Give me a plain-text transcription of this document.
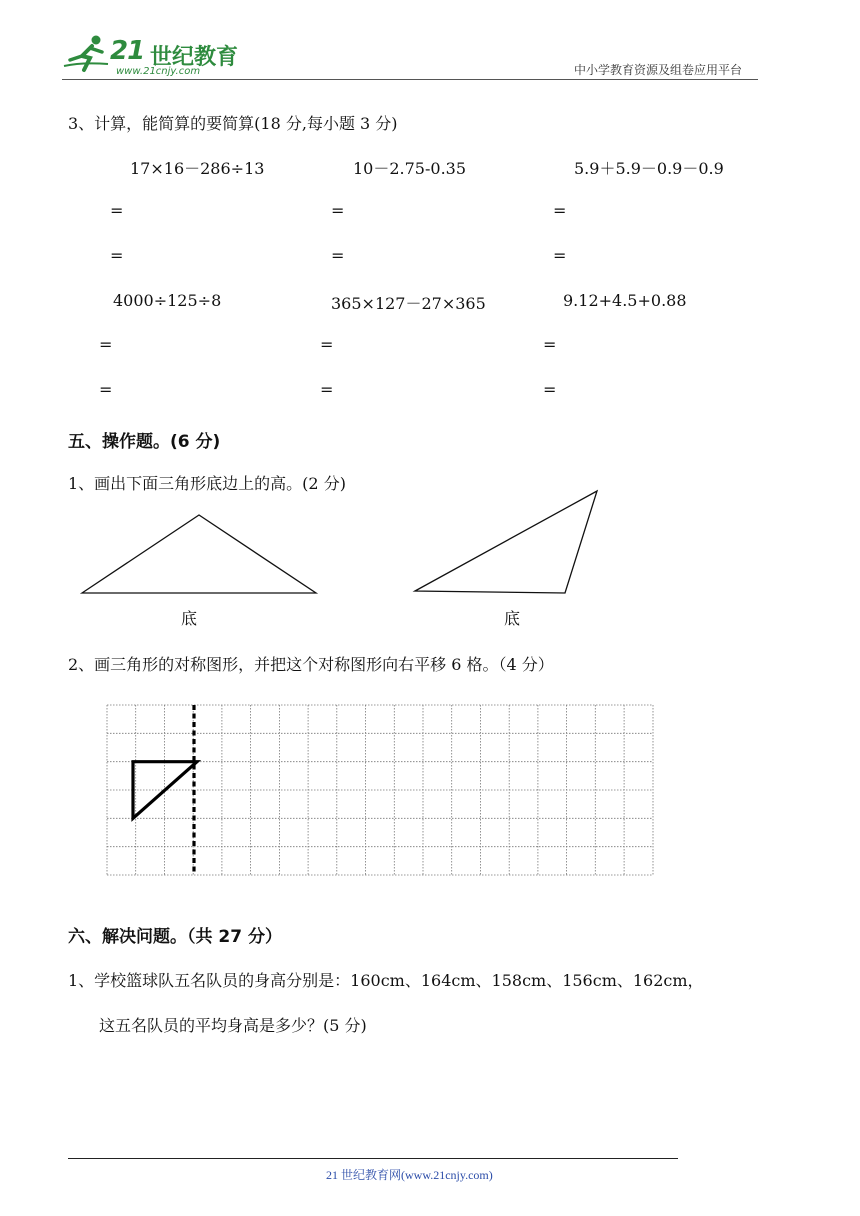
21 世纪教育
www.21cnjy.com	中小学教育资源及组卷应用平台
3、计算，能简算的要简算(18 分,每小题 3 分)
17×16－286÷13	10－2.75-0.35	5.9＋5.9－0.9－0.9
=	=	=
=	=	=
4000÷125÷8	365×127－27×365	9.12+4.5+0.88
=	=	=
=	=	=
五、操作题。(6 分)
1、画出下面三角形底边上的高。(2 分)
底	底
2、画三角形的对称图形，并把这个对称图形向右平移 6 格。（4 分）
六、解决问题。（共 27 分）
1、学校篮球队五名队员的身高分别是：160cm、164cm、158cm、156cm、162cm，
这五名队员的平均身高是多少？(5 分)
21 世纪教育网(www.21cnjy.com)
